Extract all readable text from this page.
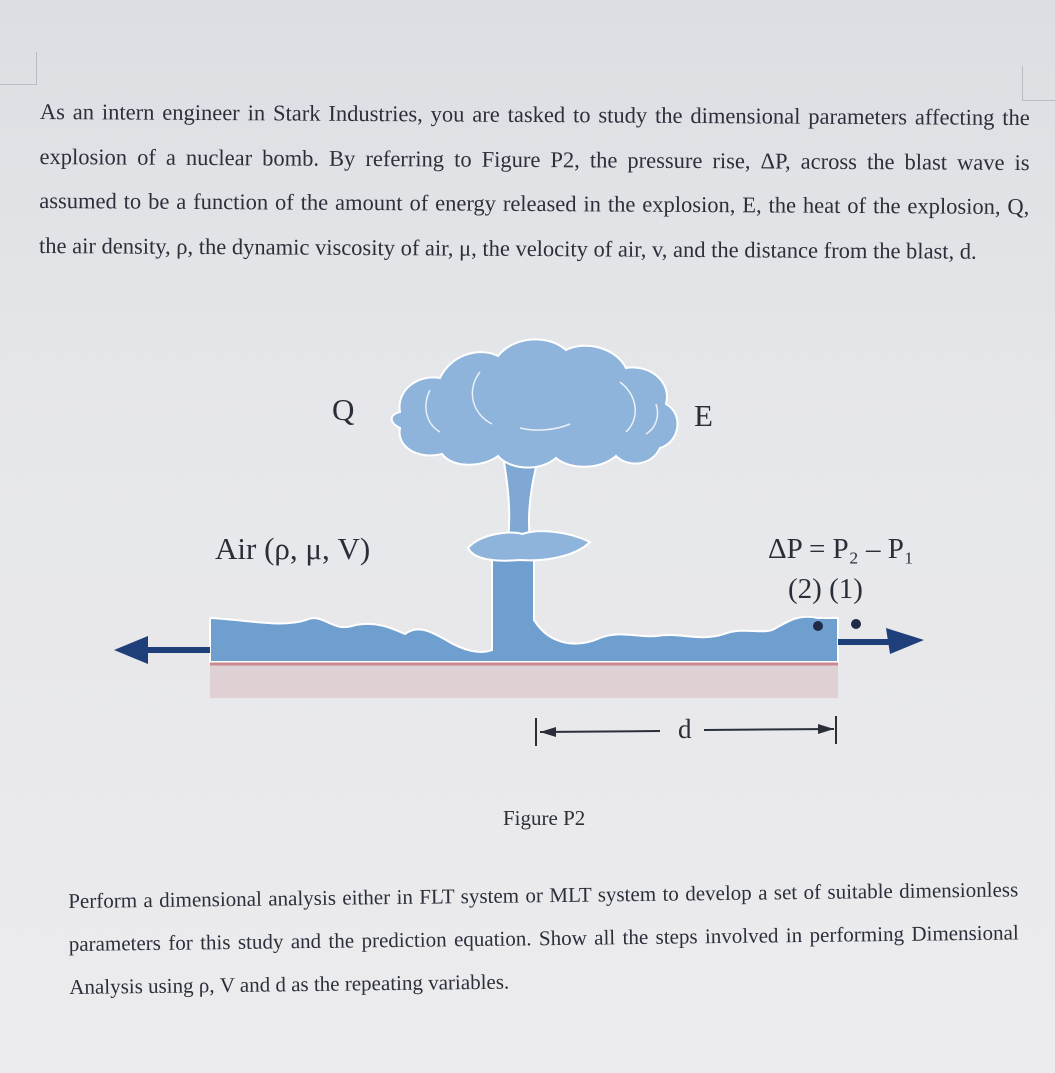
As an intern engineer in Stark Industries, you are tasked to study the dimensional parameters affecting the explosion of a nuclear bomb. By referring to Figure P2, the pressure rise, ΔP, across the blast wave is assumed to be a function of the amount of energy released in the explosion, E, the heat of the explosion, Q, the air density, ρ, the dynamic viscosity of air, μ, the velocity of air, v, and the distance from the blast, d.

Q	E
Air (ρ, μ, V)	ΔP = P₂ – P₁
(2) (1)
d
Figure P2

Perform a dimensional analysis either in FLT system or MLT system to develop a set of suitable dimensionless parameters for this study and the prediction equation. Show all the steps involved in performing Dimensional Analysis using ρ, V and d as the repeating variables.
